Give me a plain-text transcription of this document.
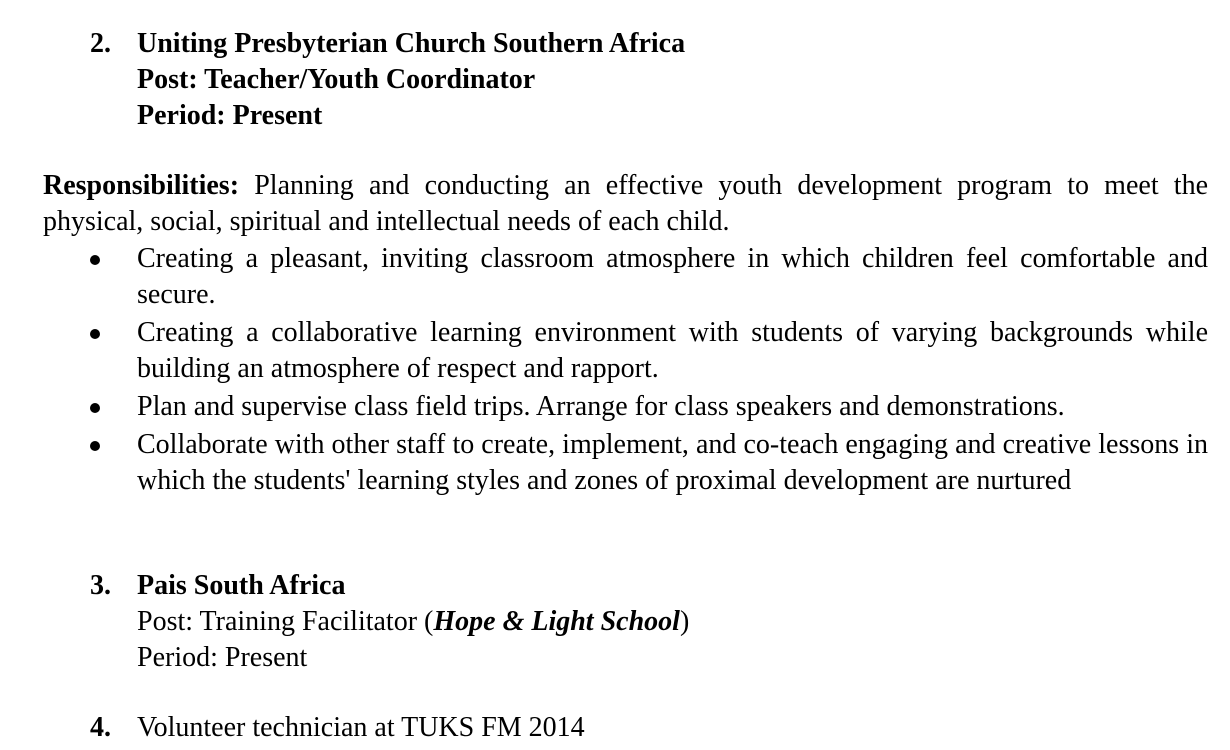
2. Uniting Presbyterian Church Southern Africa
Post: Teacher/Youth Coordinator
Period: Present
Responsibilities: Planning and conducting an effective youth development program to meet the physical, social, spiritual and intellectual needs of each child.
Creating a pleasant, inviting classroom atmosphere in which children feel comfortable and secure.
Creating a collaborative learning environment with students of varying backgrounds while building an atmosphere of respect and rapport.
Plan and supervise class field trips. Arrange for class speakers and demonstrations.
Collaborate with other staff to create, implement, and co-teach engaging and creative lessons in which the students' learning styles and zones of proximal development are nurtured
3. Pais South Africa
Post: Training Facilitator (Hope & Light School)
Period: Present
4. Volunteer technician at TUKS FM 2014
